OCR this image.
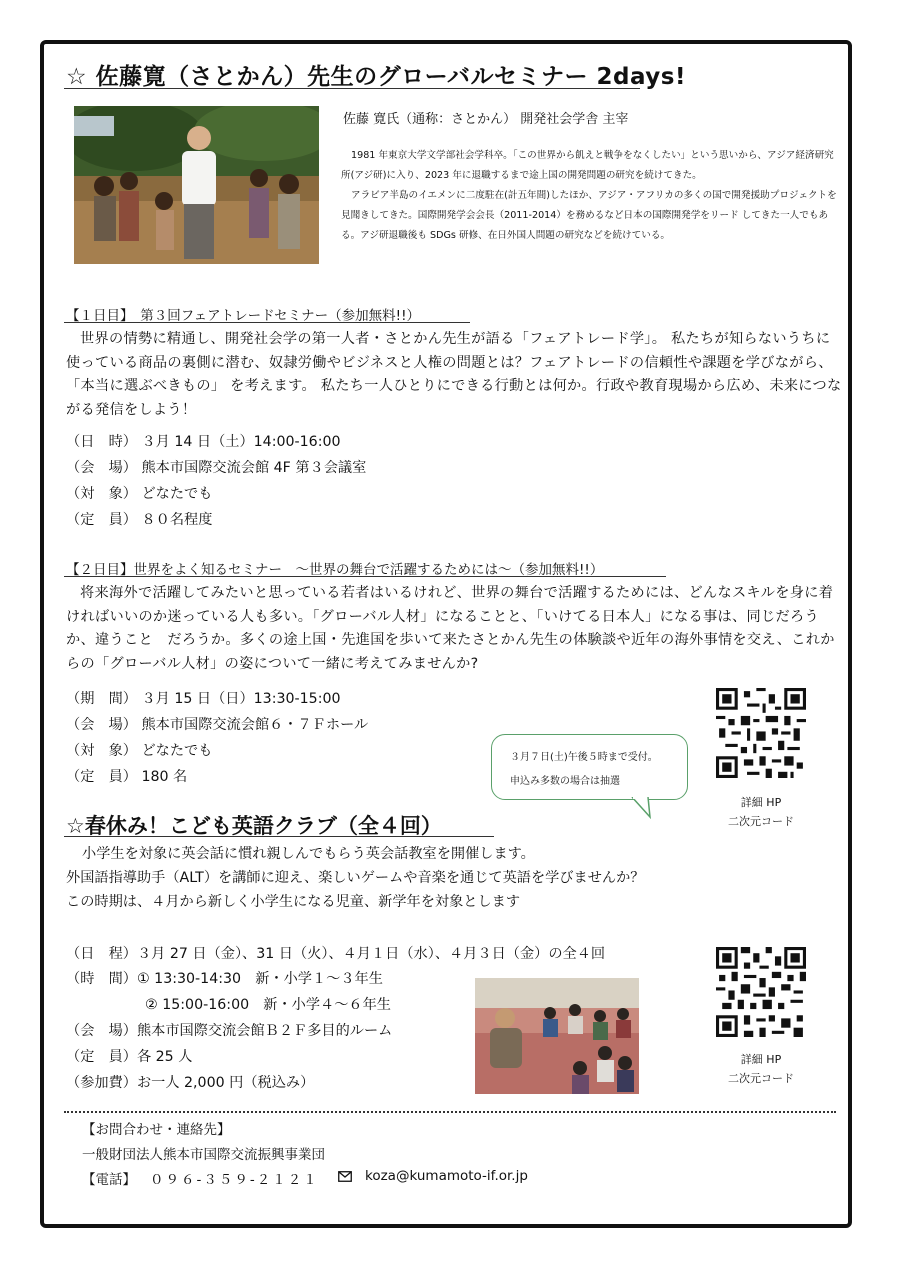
☆ 佐藤寛（さとかん）先生のグローバルセミナー 2days!
佐藤 寛氏（通称：さとかん） 開発社会学舎 主宰

1981 年東京大学文学部社会学科卒。「この世界から飢えと戦争をなくしたい」という思いから、アジア経済研究所(アジ研)に入り、2023 年に退職するまで途上国の開発問題の研究を続けてきた。

アラビア半島のイエメンに二度駐在(計五年間)したほか、アジア・アフリカの多くの国で開発援助プロジェクトを見聞きしてきた。国際開発学会会長（2011-2014）を務めるなど日本の国際開発学をリード してきた一人でもある。アジ研退職後も SDGs 研修、在日外国人問題の研究などを続けている。

【１日目】　第３回フェアトレードセミナー（参加無料!!）

世界の情勢に精通し、開発社会学の第一人者・さとかん先生が語る「フェアトレード学」。 私たちが知らないうちに使っている商品の裏側に潜む、奴隷労働やビジネスと人権の問題とは？フェアトレードの信頼性や課題を学びながら、「本当に選ぶべきもの」 を考えます。 私たち一人ひとりにできる行動とは何か。行政や教育現場から広め、未来につながる発信をしよう！

（日　時） ３月 14 日（土）14:00-16:00
（会　場） 熊本市国際交流会館 4F 第３会議室
（対　象） どなたでも
（定　員） ８０名程度
【２日目】世界をよく知るセミナー　～世界の舞台で活躍するためには～（参加無料!!）

将来海外で活躍してみたいと思っている若者はいるけれど、世界の舞台で活躍するためには、どんなスキルを身に着ければいいのか迷っている人も多い。「グローバル人材」になることと、「いけてる日本人」になる事は、同じだろうか、違うこと　だろうか。多くの途上国・先進国を歩いて来たさとかん先生の体験談や近年の海外事情を交え、これからの「グローバル人材」の姿について一緒に考えてみませんか?

（期　間） ３月 15 日（日）13:30-15:00
（会　場） 熊本市国際交流会館６・７Ｆホール
（対　象） どなたでも
（定　員） 180 名
３月７日(土)午後５時まで受付。
申込み多数の場合は抽選
詳細 HP
二次元コード
☆春休み！こども英語クラブ（全４回）
小学生を対象に英会話に慣れ親しんでもらう英会話教室を開催します。
外国語指導助手（ALT）を講師に迎え、楽しいゲームや音楽を通じて英語を学びませんか？
この時期は、４月から新しく小学生になる児童、新学年を対象とします
（日　程）３月 27 日（金）、31 日（火）、４月１日（水）、４月３日（金）の全４回
（時　間）① 13:30-14:30　新・小学１～３年生
② 15:00-16:00　新・小学４～６年生
（会　場）熊本市国際交流会館Ｂ２Ｆ多目的ルーム
（定　員）各 25 人
（参加費）お一人 2,000 円（税込み）
詳細 HP
二次元コード
【お問合わせ・連絡先】
一般財団法人熊本市国際交流振興事業団
【電話】 ０９６-３５９-２１２１	koza@kumamoto-if.or.jp
